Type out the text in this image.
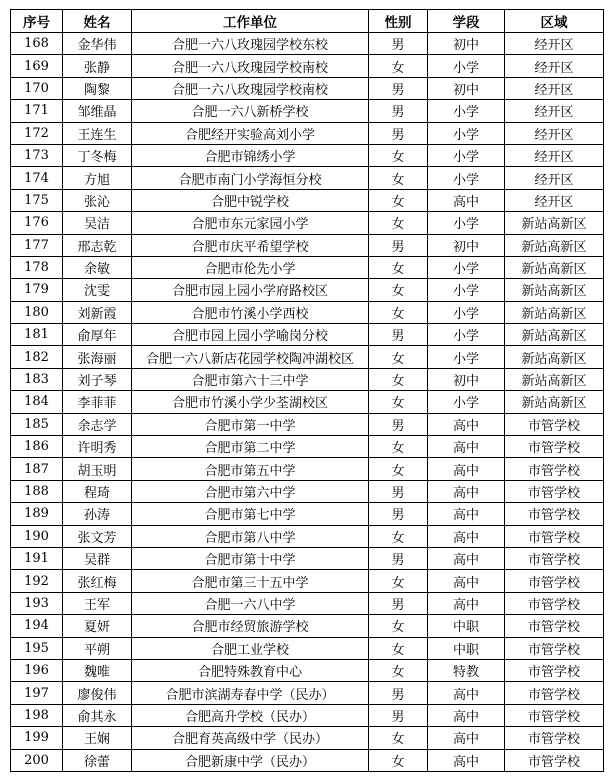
序号	姓名	工作单位	性别	学段	区域
168	金华伟	合肥一六八玫瑰园学校东校	男	初中	经开区
169	张静	合肥一六八玫瑰园学校南校	女	小学	经开区
170	陶黎	合肥一六八玫瑰园学校南校	男	初中	经开区
171	邹维晶	合肥一六八新桥学校	男	小学	经开区
172	王连生	合肥经开实验高刘小学	男	小学	经开区
173	丁冬梅	合肥市锦绣小学	女	小学	经开区
174	方旭	合肥市南门小学海恒分校	女	小学	经开区
175	张沁	合肥中锐学校	女	高中	经开区
176	吴洁	合肥市东元家园小学	女	小学	新站高新区
177	邢志乾	合肥市庆平希望学校	男	初中	新站高新区
178	余敏	合肥市伦先小学	女	小学	新站高新区
179	沈雯	合肥市园上园小学府路校区	女	小学	新站高新区
180	刘新霞	合肥市竹溪小学西校	女	小学	新站高新区
181	俞厚年	合肥市园上园小学喻岗分校	男	小学	新站高新区
182	张海丽	合肥一六八新店花园学校陶冲湖校区	女	小学	新站高新区
183	刘子琴	合肥市第六十三中学	女	初中	新站高新区
184	李菲菲	合肥市竹溪小学少荃湖校区	女	小学	新站高新区
185	余志学	合肥市第一中学	男	高中	市管学校
186	许明秀	合肥市第二中学	女	高中	市管学校
187	胡玉明	合肥市第五中学	女	高中	市管学校
188	程琦	合肥市第六中学	男	高中	市管学校
189	孙涛	合肥市第七中学	男	高中	市管学校
190	张文芳	合肥市第八中学	女	高中	市管学校
191	吴群	合肥市第十中学	男	高中	市管学校
192	张红梅	合肥市第三十五中学	女	高中	市管学校
193	王军	合肥一六八中学	男	高中	市管学校
194	夏妍	合肥市经贸旅游学校	女	中职	市管学校
195	平朔	合肥工业学校	女	中职	市管学校
196	魏唯	合肥特殊教育中心	女	特教	市管学校
197	廖俊伟	合肥市滨湖寿春中学（民办）	男	高中	市管学校
198	俞其永	合肥高升学校（民办）	男	高中	市管学校
199	王娴	合肥育英高级中学（民办）	女	高中	市管学校
200	徐蕾	合肥新康中学（民办）	女	高中	市管学校
